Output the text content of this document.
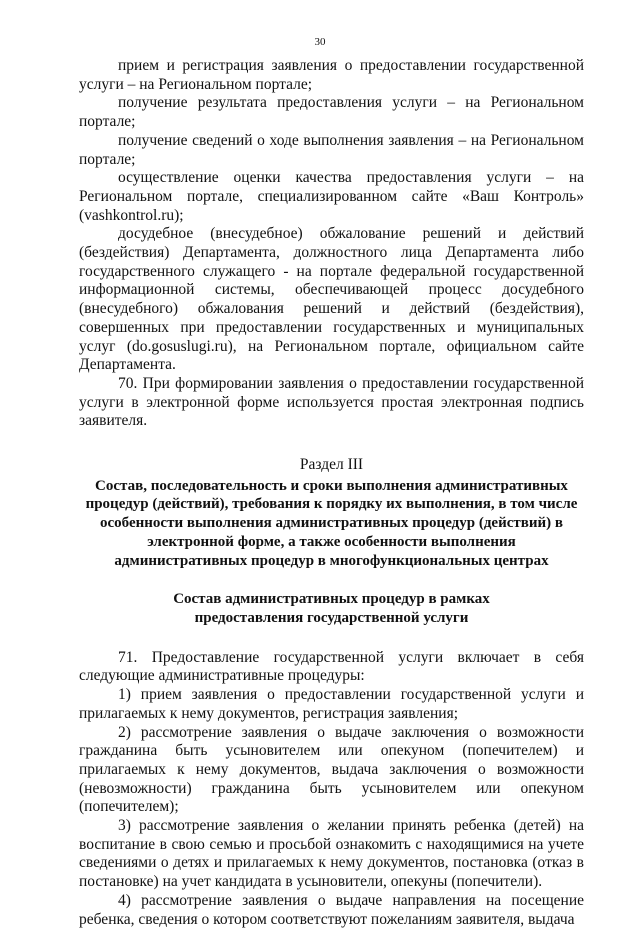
30

прием и регистрация заявления о предоставлении государственной услуги – на Региональном портале;

получение результата предоставления услуги – на Региональном портале;

получение сведений о ходе выполнения заявления – на Региональном портале;

осуществление оценки качества предоставления услуги – на Региональном портале, специализированном сайте «Ваш Контроль» (vashkontrol.ru);

досудебное (внесудебное) обжалование решений и действий (бездействия) Департамента, должностного лица Департамента либо государственного служащего - на портале федеральной государственной информационной системы, обеспечивающей процесс досудебного (внесудебного) обжалования решений и действий (бездействия), совершенных при предоставлении государственных и муниципальных услуг (do.gosuslugi.ru), на Региональном портале, официальном сайте Департамента.

70. При формировании заявления о предоставлении государственной услуги в электронной форме используется простая электронная подпись заявителя.

Раздел III

Состав, последовательность и сроки выполнения административных процедур (действий), требования к порядку их выполнения, в том числе особенности выполнения административных процедур (действий) в электронной форме, а также особенности выполнения административных процедур в многофункциональных центрах

Состав административных процедур в рамках предоставления государственной услуги

71. Предоставление государственной услуги включает в себя следующие административные процедуры:

1) прием заявления о предоставлении государственной услуги и прилагаемых к нему документов, регистрация заявления;

2) рассмотрение заявления о выдаче заключения о возможности гражданина быть усыновителем или опекуном (попечителем) и прилагаемых к нему документов, выдача заключения о возможности (невозможности) гражданина быть усыновителем или опекуном (попечителем);

3) рассмотрение заявления о желании принять ребенка (детей) на воспитание в свою семью и просьбой ознакомить с находящимися на учете сведениями о детях и прилагаемых к нему документов, постановка (отказ в постановке) на учет кандидата в усыновители, опекуны (попечители).

4) рассмотрение заявления о выдаче направления на посещение ребенка, сведения о котором соответствуют пожеланиям заявителя, выдача
